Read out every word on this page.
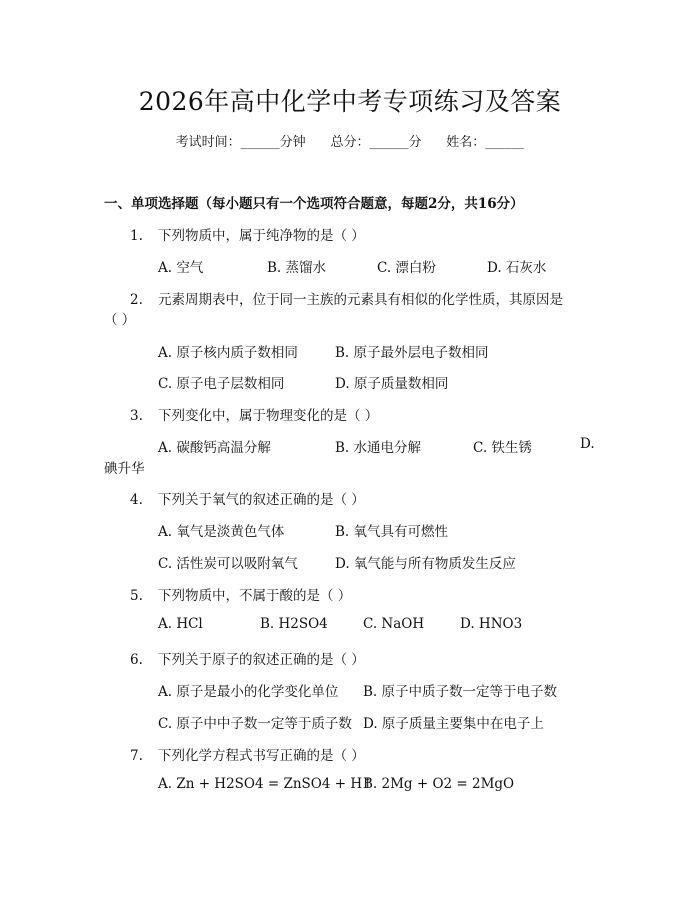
2026年高中化学中考专项练习及答案
考试时间：______分钟 总分：______分 姓名：______
一、单项选择题（每小题只有一个选项符合题意，每题2分，共16分）
1. 下列物质中，属于纯净物的是（ ）
A. 空气	B. 蒸馏水	C. 漂白粉	D. 石灰水
2. 元素周期表中，位于同一主族的元素具有相似的化学性质，其原因是
（ ）
A. 原子核内质子数相同	B. 原子最外层电子数相同
C. 原子电子层数相同	D. 原子质量数相同
3. 下列变化中，属于物理变化的是（ ）
A. 碳酸钙高温分解	B. 水通电分解	C. 铁生锈	D.
碘升华
4. 下列关于氧气的叙述正确的是（ ）
A. 氧气是淡黄色气体	B. 氧气具有可燃性
C. 活性炭可以吸附氧气	D. 氧气能与所有物质发生反应
5. 下列物质中，不属于酸的是（ ）
A. HCl	B. H2SO4	C. NaOH	D. HNO3
6. 下列关于原子的叙述正确的是（ ）
A. 原子是最小的化学变化单位 B. 原子中质子数一定等于电子数
C. 原子中中子数一定等于质子数 D. 原子质量主要集中在电子上
7. 下列化学方程式书写正确的是（ ）
A. Zn + H2SO4 = ZnSO4 + H↑
B. 2Mg + O2 = 2MgO
